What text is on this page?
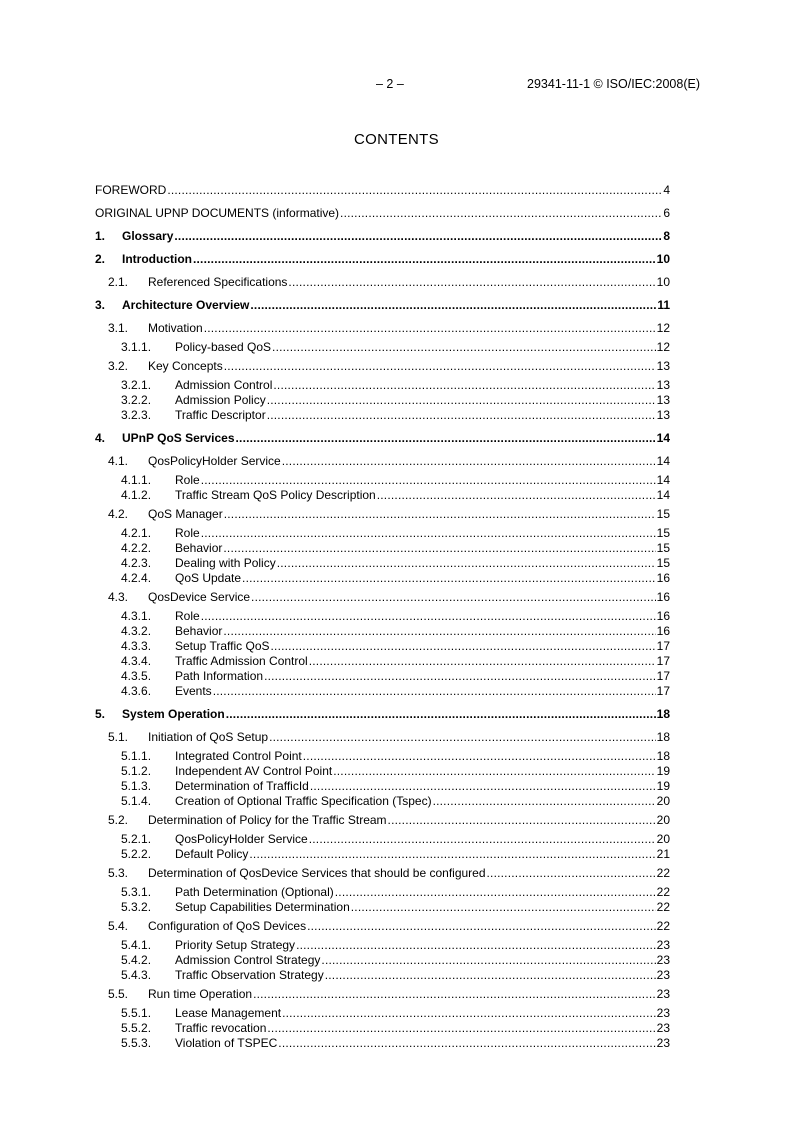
– 2 –	29341-11-1 © ISO/IEC:2008(E)
CONTENTS
FOREWORD .....	4
ORIGINAL UPNP DOCUMENTS (informative) .....	6
1.	Glossary .....	8
2.	Introduction .....	10
2.1.	Referenced Specifications .....	10
3.	Architecture Overview .....	11
3.1.	Motivation .....	12
3.1.1.	Policy-based QoS .....	12
3.2.	Key Concepts .....	13
3.2.1.	Admission Control .....	13
3.2.2.	Admission Policy .....	13
3.2.3.	Traffic Descriptor .....	13
4.	UPnP QoS Services .....	14
4.1.	QosPolicyHolder Service .....	14
4.1.1.	Role .....	14
4.1.2.	Traffic Stream QoS Policy Description .....	14
4.2.	QoS Manager .....	15
4.2.1.	Role .....	15
4.2.2.	Behavior .....	15
4.2.3.	Dealing with Policy .....	15
4.2.4.	QoS Update .....	16
4.3.	QosDevice Service .....	16
4.3.1.	Role .....	16
4.3.2.	Behavior .....	16
4.3.3.	Setup Traffic QoS .....	17
4.3.4.	Traffic Admission Control .....	17
4.3.5.	Path Information .....	17
4.3.6.	Events .....	17
5.	System Operation .....	18
5.1.	Initiation of QoS Setup .....	18
5.1.1.	Integrated Control Point .....	18
5.1.2.	Independent AV Control Point .....	19
5.1.3.	Determination of TrafficId .....	19
5.1.4.	Creation of Optional Traffic Specification (Tspec) .....	20
5.2.	Determination of Policy for the Traffic Stream .....	20
5.2.1.	QosPolicyHolder Service .....	20
5.2.2.	Default Policy .....	21
5.3.	Determination of QosDevice Services that should be configured .....	22
5.3.1.	Path Determination (Optional) .....	22
5.3.2.	Setup Capabilities Determination .....	22
5.4.	Configuration of QoS Devices .....	22
5.4.1.	Priority Setup Strategy .....	23
5.4.2.	Admission Control Strategy .....	23
5.4.3.	Traffic Observation Strategy .....	23
5.5.	Run time Operation .....	23
5.5.1.	Lease Management .....	23
5.5.2.	Traffic revocation .....	23
5.5.3.	Violation of TSPEC .....	23
